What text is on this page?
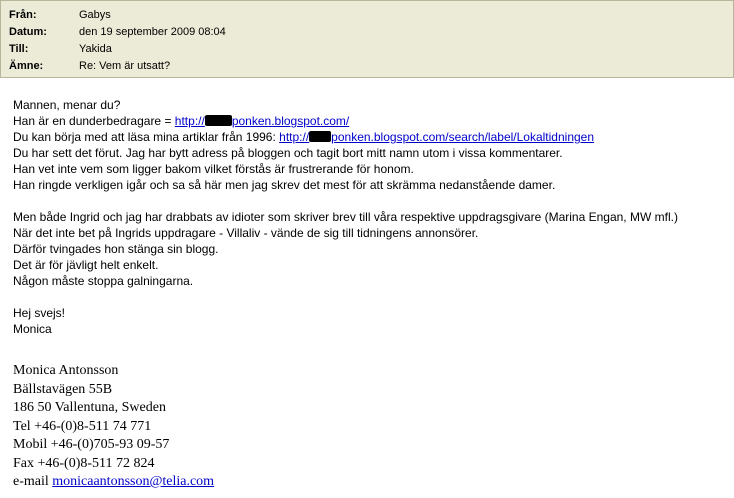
Från:	Gabys
Datum:	den 19 september 2009 08:04
Till:	Yakida
Ämne:	Re: Vem är utsatt?
Mannen, menar du?
Han är en dunderbedragare = http:// ponken.blogspot.com/
Du kan börja med att läsa mina artiklar från 1996: http:// ponken.blogspot.com/search/label/Lokaltidningen
Du har sett det förut. Jag har bytt adress på bloggen och tagit bort mitt namn utom i vissa kommentarer.
Han vet inte vem som ligger bakom vilket förstås är frustrerande för honom.
Han ringde verkligen igår och sa så här men jag skrev det mest för att skrämma nedanstående damer.
Men både Ingrid och jag har drabbats av idioter som skriver brev till våra respektive uppdragsgivare (Marina Engan, MW mfl.)
När det inte bet på Ingrids uppdragare - Villaliv - vände de sig till tidningens annonsörer.
Därför tvingades hon stänga sin blogg.
Det är för jävligt helt enkelt.
Någon måste stoppa galningarna.
Hej svejs!
Monica
Monica Antonsson
Bällstavägen 55B
186 50 Vallentuna, Sweden
Tel +46-(0)8-511 74 771
Mobil +46-(0)705-93 09-57
Fax +46-(0)8-511 72 824
e-mail monicaantonsson@telia.com
